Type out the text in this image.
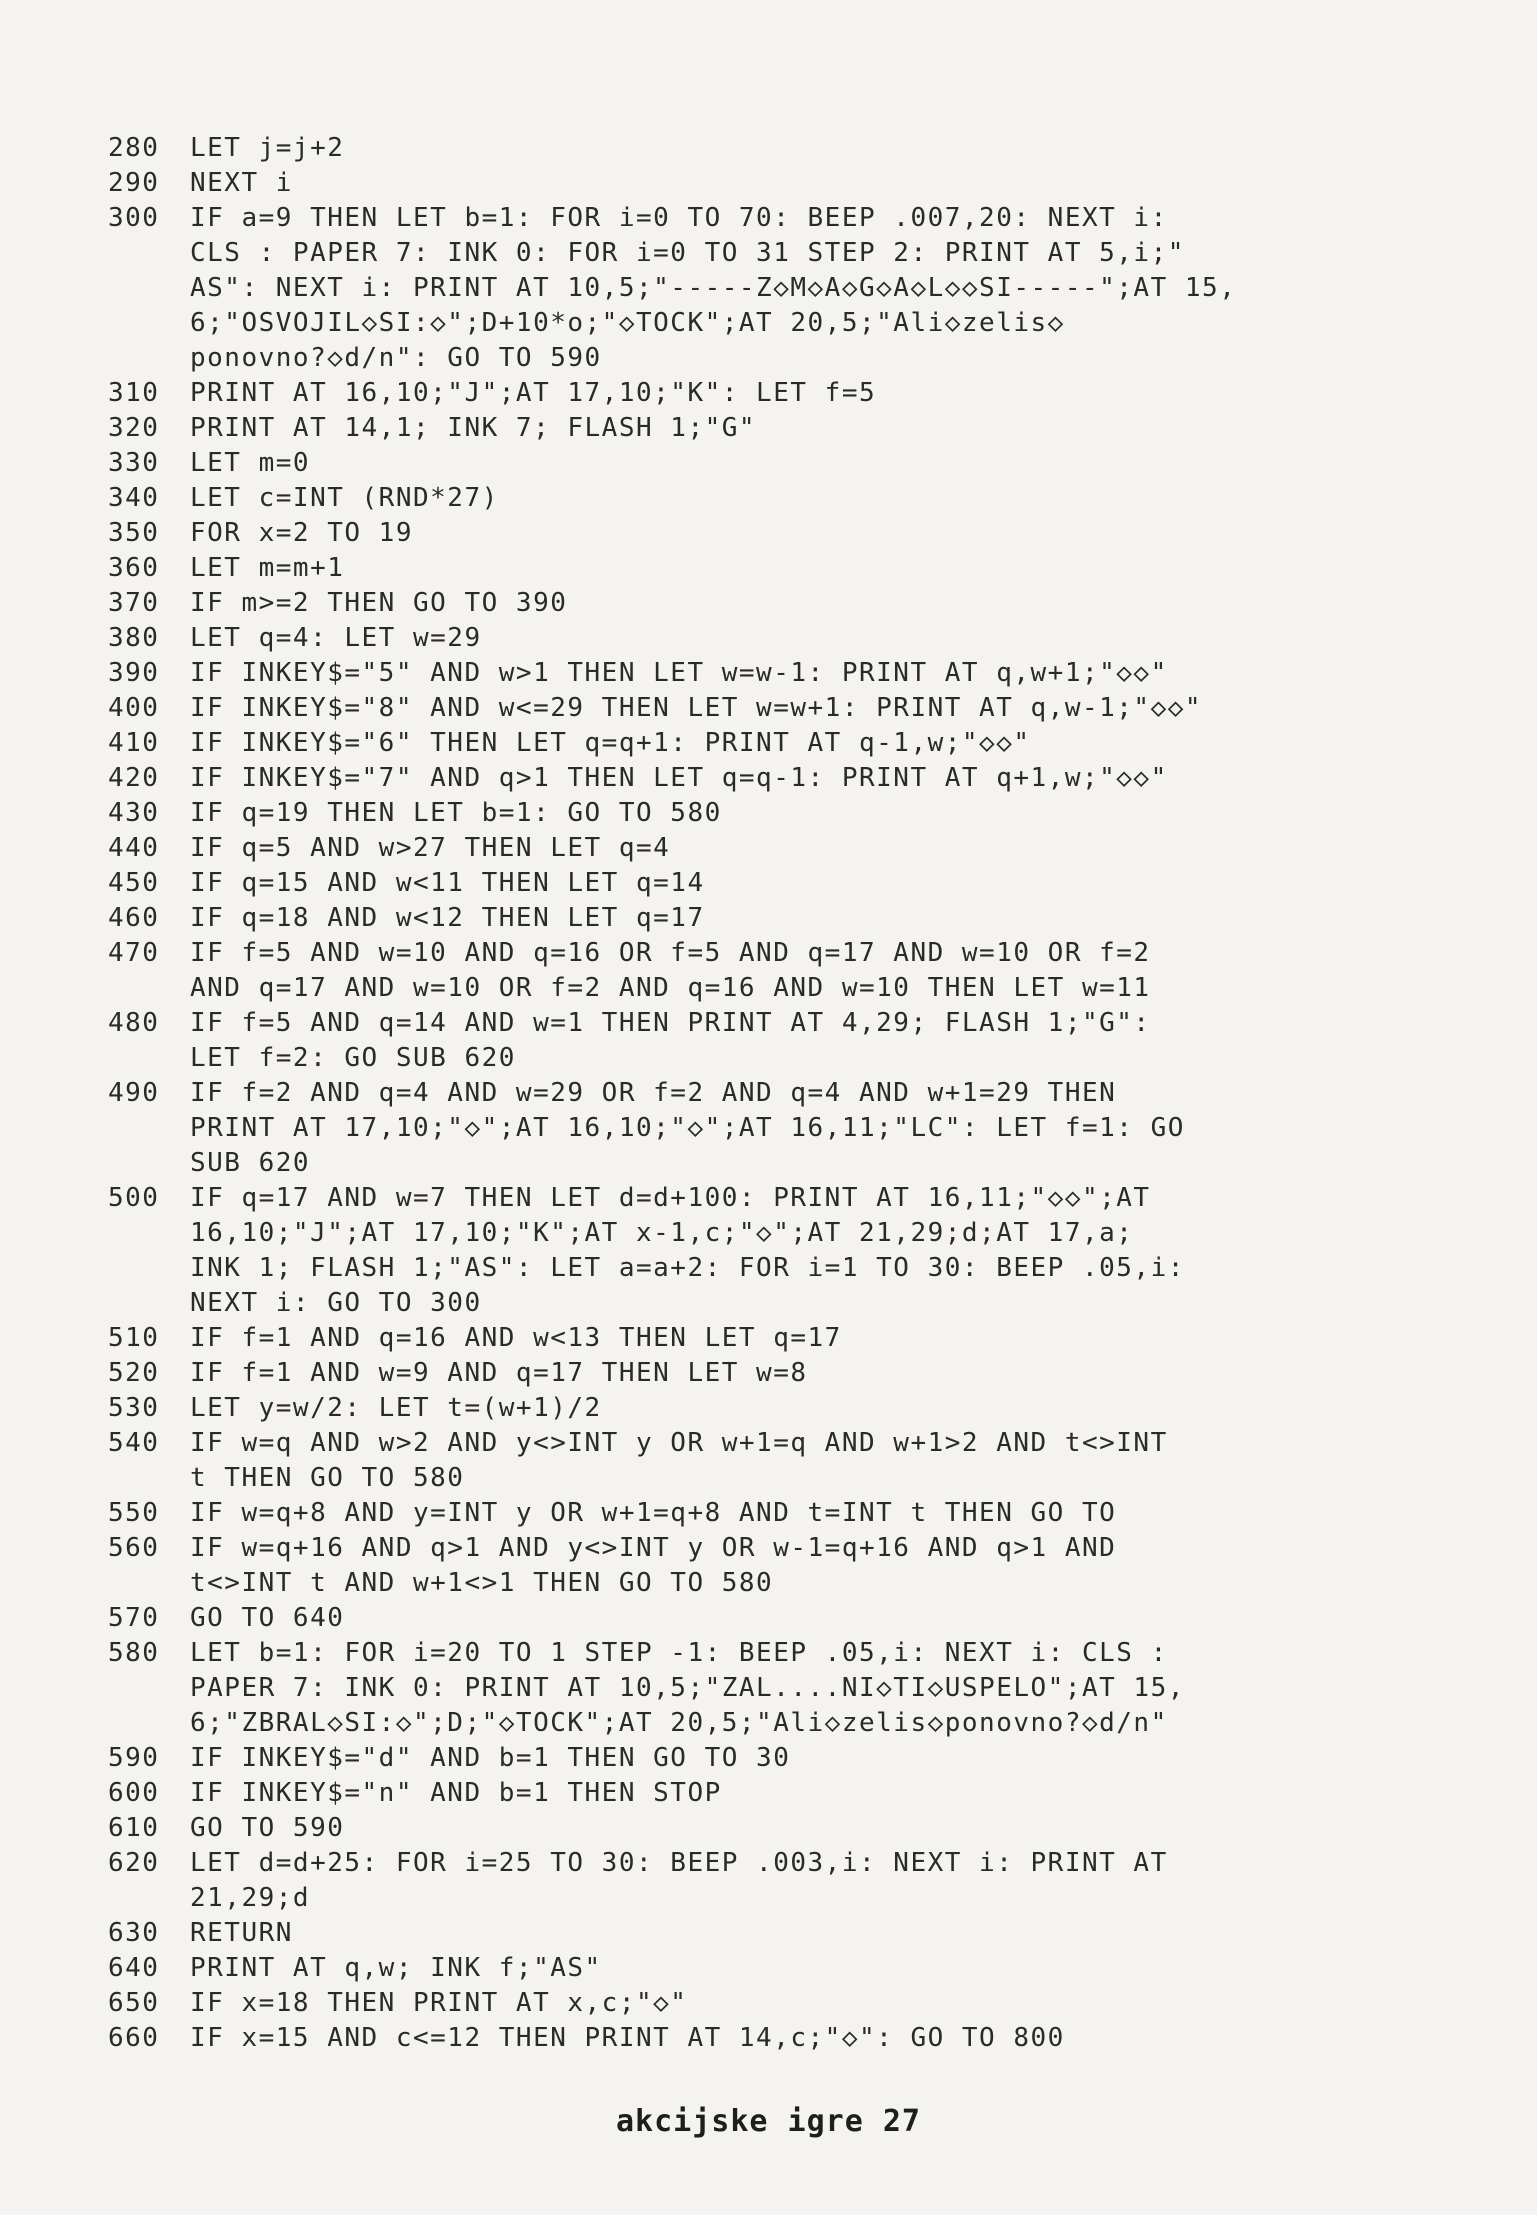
280	LET j=j+2
290	NEXT i
300	IF a=9 THEN LET b=1: FOR i=0 TO 70: BEEP .007,20: NEXT i:
CLS : PAPER 7: INK 0: FOR i=0 TO 31 STEP 2: PRINT AT 5,i;"
AS": NEXT i: PRINT AT 10,5;"-----Z◇M◇A◇G◇A◇L◇◇SI-----";AT 15,
6;"OSVOJIL◇SI:◇";D+10*o;"◇TOCK";AT 20,5;"Ali◇zelis◇
ponovno?◇d/n": GO TO 590
310	PRINT AT 16,10;"J";AT 17,10;"K": LET f=5
320	PRINT AT 14,1; INK 7; FLASH 1;"G"
330	LET m=0
340	LET c=INT (RND*27)
350	FOR x=2 TO 19
360	LET m=m+1
370	IF m>=2 THEN GO TO 390
380	LET q=4: LET w=29
390	IF INKEY$="5" AND w>1 THEN LET w=w-1: PRINT AT q,w+1;"◇◇"
400	IF INKEY$="8" AND w<=29 THEN LET w=w+1: PRINT AT q,w-1;"◇◇"
410	IF INKEY$="6" THEN LET q=q+1: PRINT AT q-1,w;"◇◇"
420	IF INKEY$="7" AND q>1 THEN LET q=q-1: PRINT AT q+1,w;"◇◇"
430	IF q=19 THEN LET b=1: GO TO 580
440	IF q=5 AND w>27 THEN LET q=4
450	IF q=15 AND w<11 THEN LET q=14
460	IF q=18 AND w<12 THEN LET q=17
470	IF f=5 AND w=10 AND q=16 OR f=5 AND q=17 AND w=10 OR f=2
AND q=17 AND w=10 OR f=2 AND q=16 AND w=10 THEN LET w=11
480	IF f=5 AND q=14 AND w=1 THEN PRINT AT 4,29; FLASH 1;"G":
LET f=2: GO SUB 620
490	IF f=2 AND q=4 AND w=29 OR f=2 AND q=4 AND w+1=29 THEN
PRINT AT 17,10;"◇";AT 16,10;"◇";AT 16,11;"LC": LET f=1: GO
SUB 620
500	IF q=17 AND w=7 THEN LET d=d+100: PRINT AT 16,11;"◇◇";AT
16,10;"J";AT 17,10;"K";AT x-1,c;"◇";AT 21,29;d;AT 17,a;
INK 1; FLASH 1;"AS": LET a=a+2: FOR i=1 TO 30: BEEP .05,i:
NEXT i: GO TO 300
510	IF f=1 AND q=16 AND w<13 THEN LET q=17
520	IF f=1 AND w=9 AND q=17 THEN LET w=8
530	LET y=w/2: LET t=(w+1)/2
540	IF w=q AND w>2 AND y<>INT y OR w+1=q AND w+1>2 AND t<>INT
t THEN GO TO 580
550	IF w=q+8 AND y=INT y OR w+1=q+8 AND t=INT t THEN GO TO
560	IF w=q+16 AND q>1 AND y<>INT y OR w-1=q+16 AND q>1 AND
t<>INT t AND w+1<>1 THEN GO TO 580
570	GO TO 640
580	LET b=1: FOR i=20 TO 1 STEP -1: BEEP .05,i: NEXT i: CLS :
PAPER 7: INK 0: PRINT AT 10,5;"ZAL....NI◇TI◇USPELO";AT 15,
6;"ZBRAL◇SI:◇";D;"◇TOCK";AT 20,5;"Ali◇zelis◇ponovno?◇d/n"
590	IF INKEY$="d" AND b=1 THEN GO TO 30
600	IF INKEY$="n" AND b=1 THEN STOP
610	GO TO 590
620	LET d=d+25: FOR i=25 TO 30: BEEP .003,i: NEXT i: PRINT AT
21,29;d
630	RETURN
640	PRINT AT q,w; INK f;"AS"
650	IF x=18 THEN PRINT AT x,c;"◇"
660	IF x=15 AND c<=12 THEN PRINT AT 14,c;"◇": GO TO 800
akcijske igre 27
